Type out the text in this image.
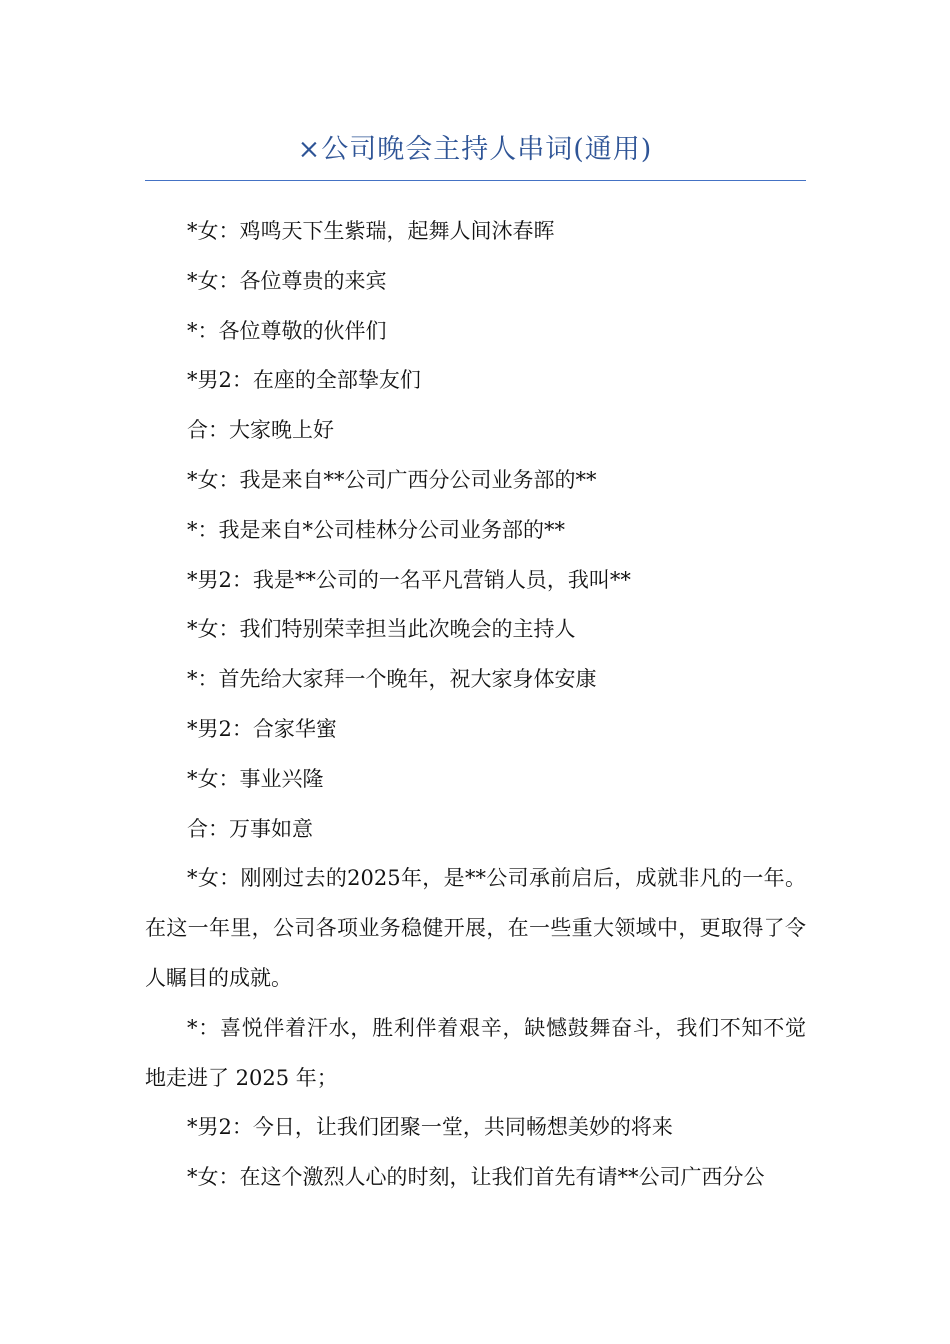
×公司晚会主持人串词(通用)

*女：鸡鸣天下生紫瑞，起舞人间沐春晖

*女：各位尊贵的来宾

*：各位尊敬的伙伴们

*男2：在座的全部挚友们

合：大家晚上好

*女：我是来自**公司广西分公司业务部的**

*：我是来自*公司桂林分公司业务部的**

*男2：我是**公司的一名平凡营销人员，我叫**

*女：我们特别荣幸担当此次晚会的主持人

*：首先给大家拜一个晚年，祝大家身体安康

*男2：合家华蜜

*女：事业兴隆

合：万事如意

*女：刚刚过去的2025年，是**公司承前启后，成就非凡的一年。在这一年里，公司各项业务稳健开展，在一些重大领域中，更取得了令人瞩目的成就。

*：喜悦伴着汗水，胜利伴着艰辛，缺憾鼓舞奋斗，我们不知不觉地走进了 2025 年；

*男2：今日，让我们团聚一堂，共同畅想美妙的将来

*女：在这个激烈人心的时刻，让我们首先有请**公司广西分公
